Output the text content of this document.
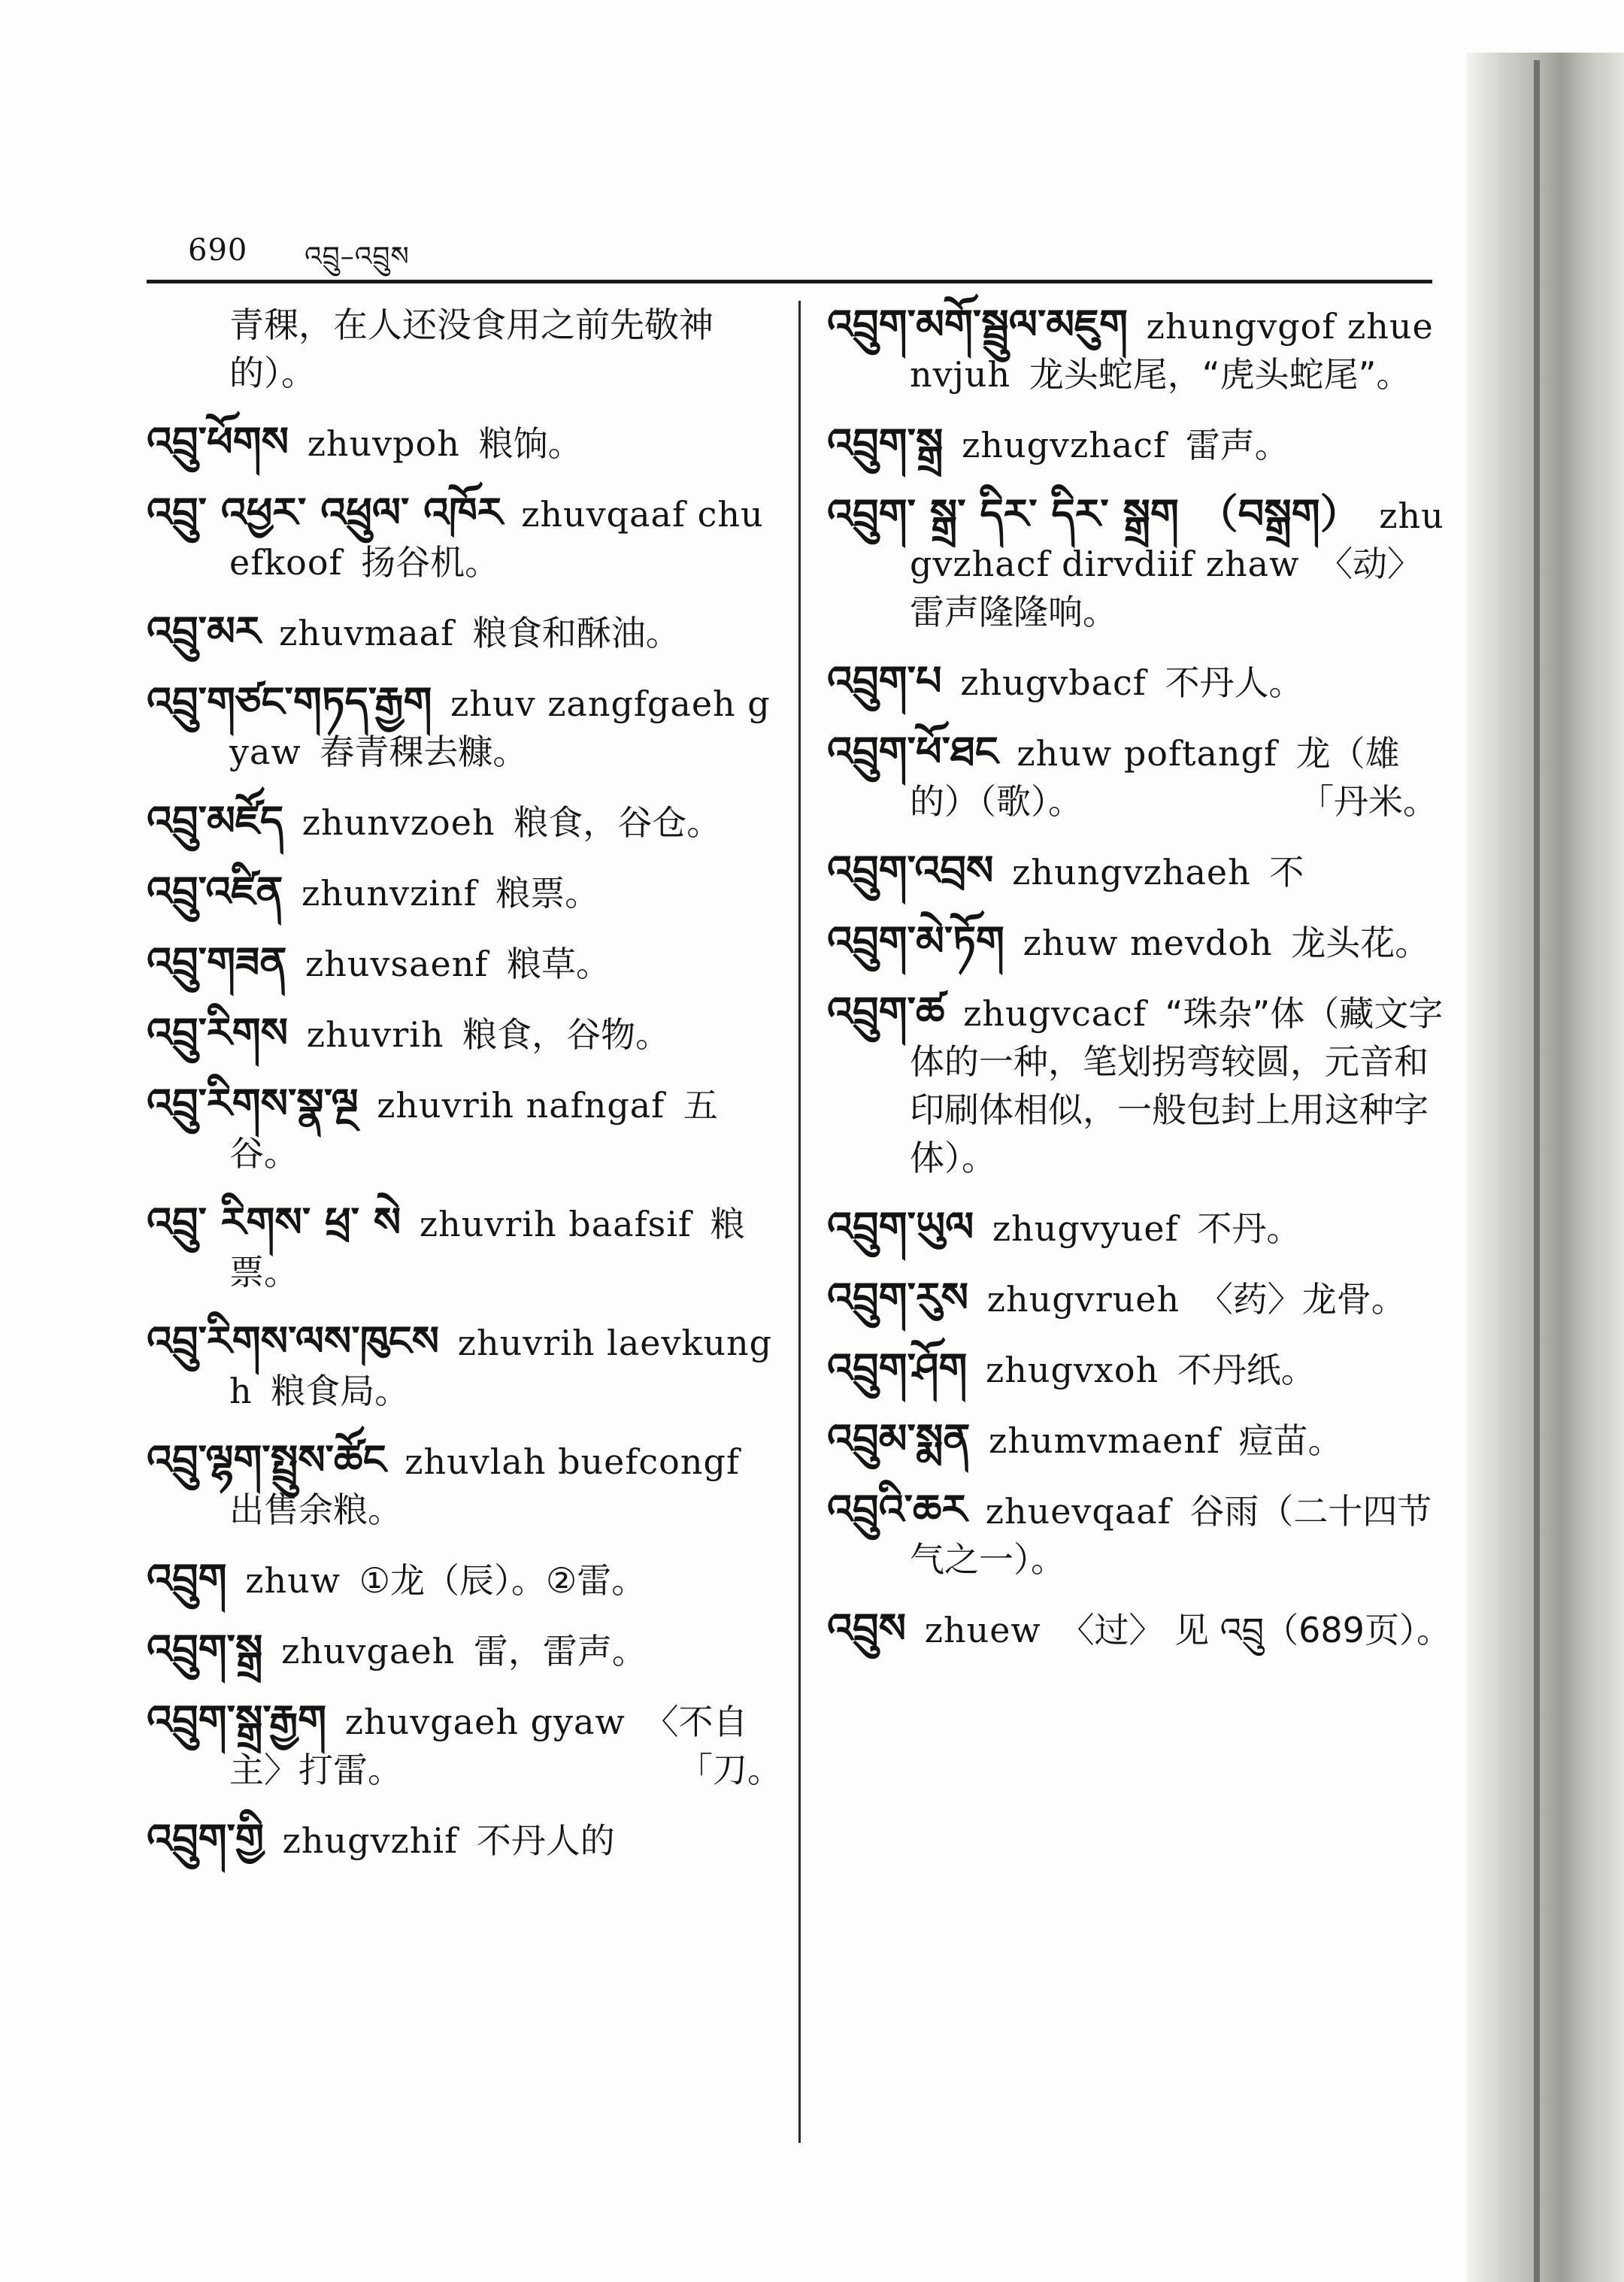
690 འབྲུ–འབྲུས
青稞，在人还没食用之前先敬神的）。
འབྲུ་ཕོགས zhuvpoh 粮饷。
འབྲུ་ འཕྱར་ འཕྲུལ་ འཁོར zhuvqaaf chuefkoof 扬谷机。
འབྲུ་མར zhuvmaaf 粮食和酥油。
འབྲུ་གཙང་གཏད་རྒྱག zhuv zangfgaeh gyaw 舂青稞去糠。
འབྲུ་མཛོད zhunvzoeh 粮食，谷仓。
འབྲུ་འཛིན zhunvzinf 粮票。
འབྲུ་གཟན zhuvsaenf 粮草。
འབྲུ་རིགས zhuvrih 粮食，谷物。
འབྲུ་རིགས་སྣ་ལྔ zhuvrih nafngaf 五谷。
འབྲུ་ རིགས་ ཕྲ་ སེ zhuvrih baafsif 粮票。
འབྲུ་རིགས་ལས་ཁུངས zhuvrih laevkungh 粮食局。
འབྲུ་ལྷག་སྤྲུས་ཚོང zhuvlah buefcongf 出售余粮。
འབྲུག zhuw ①龙（辰）。②雷。
འབྲུག་སྒྲ zhuvgaeh 雷，雷声。
འབྲུག་སྒྲ་རྒྱག zhuvgaeh gyaw 〈不自主〉打雷。	「刀。
འབྲུག་གྱི zhugvzhif 不丹人的
འབྲུག་མགོ་སྦྲུལ་མཇུག zhungvgof zhuenvjuh 龙头蛇尾，“虎头蛇尾”。
འབྲུག་སྒྲ zhugvzhacf 雷声。
འབྲུག་ སྒྲ་ དིར་ དིར་ སྒྲག （བསྒྲག） zhugvzhacf dirvdiif zhaw 〈动〉雷声隆隆响。
འབྲུག་པ zhugvbacf 不丹人。
འབྲུག་ཕོ་ཐང zhuw poftangf 龙（雄的）（歌）。	「丹米。
འབྲུག་འབྲས zhungvzhaeh 不
འབྲུག་མེ་ཏོག zhuw mevdoh 龙头花。
འབྲུག་ཚ zhugvcacf “珠杂”体（藏文字体的一种，笔划拐弯较圆，元音和印刷体相似，一般包封上用这种字体）。
འབྲུག་ཡུལ zhugvyuef 不丹。
འབྲུག་རུས zhugvrueh 〈药〉龙骨。
འབྲུག་ཤོག zhugvxoh 不丹纸。
འབྲུམ་སྨན zhumvmaenf 痘苗。
འབྲུའི་ཆར zhuevqaaf 谷雨（二十四节气之一）。
འབྲུས zhuew 〈过〉 见 འབྲུ（689页）。
